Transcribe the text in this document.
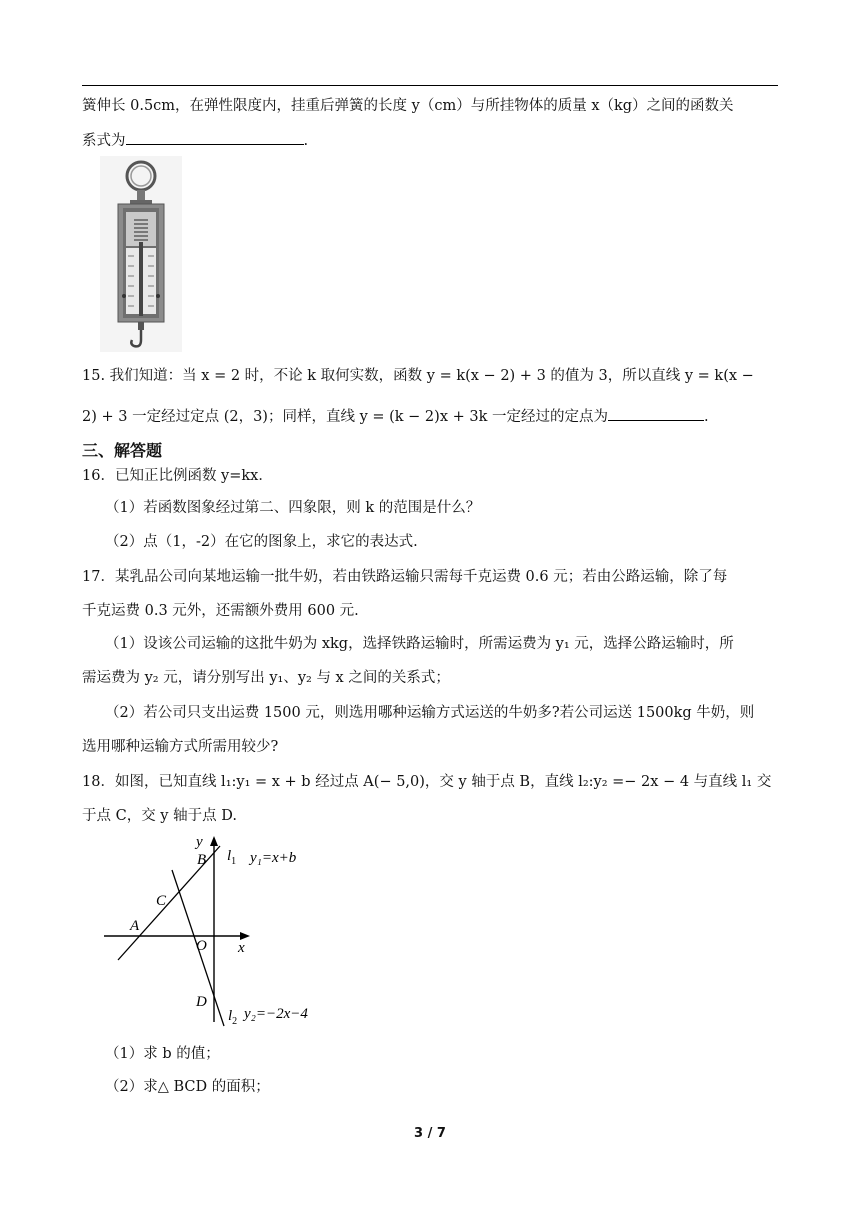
簧伸长 0.5cm，在弹性限度内，挂重后弹簧的长度 y（cm）与所挂物体的质量 x（kg）之间的函数关
系式为	.
15. 我们知道：当 x = 2 时，不论 k 取何实数，函数 y = k(x − 2) + 3 的值为 3，所以直线 y = k(x −
2) + 3 一定经过定点 (2，3)；同样，直线 y = (k − 2)x + 3k 一定经过的定点为	.
三、解答题
16．已知正比例函数 y=kx．
（1）若函数图象经过第二、四象限，则 k 的范围是什么？
（2）点（1，-2）在它的图象上，求它的表达式.
17．某乳品公司向某地运输一批牛奶，若由铁路运输只需每千克运费 0.6 元；若由公路运输，除了每
千克运费 0.3 元外，还需额外费用 600 元.
（1）设该公司运输的这批牛奶为 xkg，选择铁路运输时，所需运费为 y₁ 元，选择公路运输时，所
需运费为 y₂ 元，请分别写出 y₁、y₂ 与 x 之间的关系式；
（2）若公司只支出运费 1500 元，则选用哪种运输方式运送的牛奶多?若公司运送 1500kg 牛奶，则
选用哪种运输方式所需用较少?
18．如图，已知直线 l₁:y₁ = x + b 经过点 A(− 5,0)，交 y 轴于点 B，直线 l₂:y₂ =− 2x − 4 与直线 l₁ 交
于点 C，交 y 轴于点 D.
y
B $l_1$ y₁=x+b
C
A
O x
D
$l_2$ y₂=−2x−4
（1）求 b 的值；
（2）求△ BCD 的面积；
3 / 7
